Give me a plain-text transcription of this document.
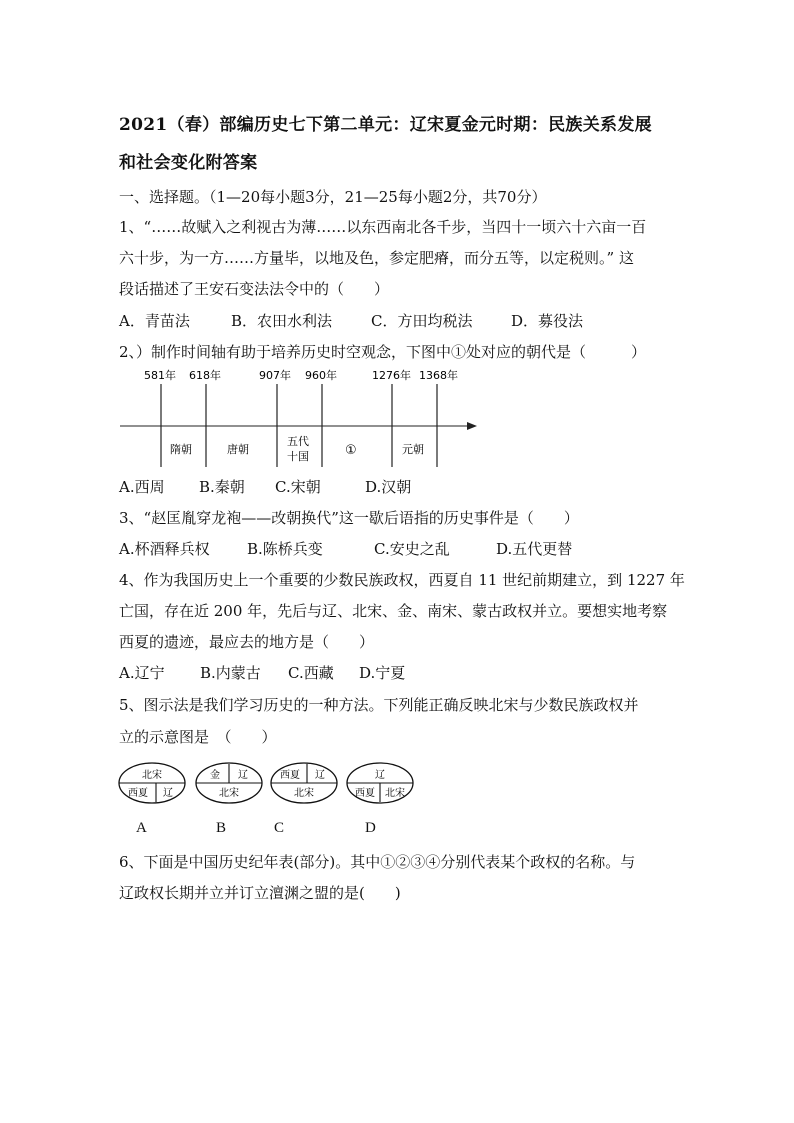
2021（春）部编历史七下第二单元：辽宋夏金元时期：民族关系发展
和社会变化附答案
一、选择题。（1—20每小题3分，21—25每小题2分，共70分）
1、“……故赋入之利视古为薄……以东西南北各千步，当四十一顷六十六亩一百
六十步，为一方……方量毕，以地及色，参定肥瘠，而分五等，以定税则。” 这
段话描述了王安石变法法令中的（　　）
A．青苗法	B．农田水利法	C．方田均税法	D．募役法
2、）制作时间轴有助于培养历史时空观念，下图中①处对应的朝代是（　　　）
581年 618年	907年 960年	1276年 1368年
隋朝	唐朝
五代
十国	①	元朝
A.西周 B.秦朝 C.宋朝	D.汉朝
3、“赵匡胤穿龙袍——改朝换代”这一歇后语指的历史事件是（　　）
A.杯酒释兵权 B.陈桥兵变	C.安史之乱	D.五代更替
4、作为我国历史上一个重要的少数民族政权，西夏自 11 世纪前期建立，到 1227 年
亡国，存在近 200 年，先后与辽、北宋、金、南宋、蒙古政权并立。要想实地考察
西夏的遗迹，最应去的地方是（　　）
A.辽宁 B.内蒙古 C.西藏 D.宁夏
5、图示法是我们学习历史的一种方法。下列能正确反映北宋与少数民族政权并
立的示意图是　（　　）
北宋
西夏 辽
金 辽
北宋
西夏 辽
北宋
辽
西夏 北宋
A	B	C	D
6、下面是中国历史纪年表(部分)。其中①②③④分别代表某个政权的名称。与
辽政权长期并立并订立澶渊之盟的是(　　)
